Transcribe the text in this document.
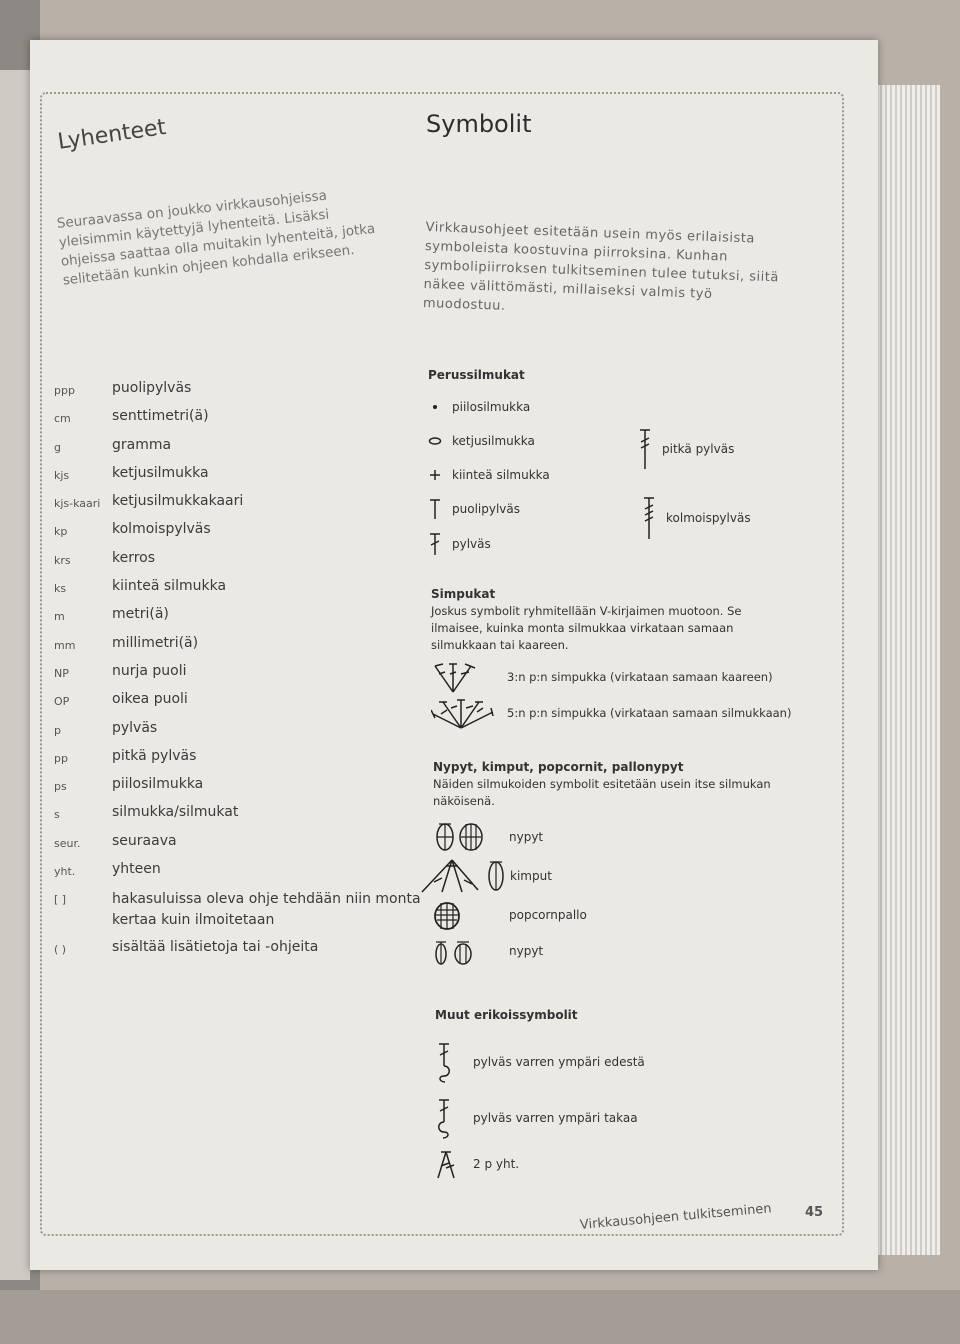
Lyhenteet	Symbolit
Seuraavassa on joukko virkkausohjeissa yleisimmin käytettyjä lyhenteitä. Lisäksi ohjeissa saattaa olla muitakin lyhenteitä, jotka selitetään kunkin ohjeen kohdalla erikseen.
Virkkausohjeet esitetään usein myös erilaisista symboleista koostuvina piirroksina. Kunhan symbolipiirroksen tulkitseminen tulee tutuksi, siitä näkee välittömästi, millaiseksi valmis työ muodostuu.
ppp	puolipylväs
cm	senttimetri(ä)
g	gramma
kjs	ketjusilmukka
kjs-kaari ketjusilmukkakaari
kp	kolmoispylväs
krs	kerros
ks	kiinteä silmukka
m	metri(ä)
mm	millimetri(ä)
NP	nurja puoli
OP	oikea puoli
p	pylväs
pp	pitkä pylväs
ps	piilosilmukka
s	silmukka/silmukat
seur.	seuraava
yht.	yhteen
[ ]	hakasuluissa oleva ohje tehdään niin monta kertaa kuin ilmoitetaan
( )	sisältää lisätietoja tai -ohjeita
Perussilmukat
piilosilmukka
ketjusilmukka
kiinteä silmukka
puolipylväs
pylväs
pitkä pylväs
kolmoispylväs
Simpukat
Joskus symbolit ryhmitellään V-kirjaimen muotoon. Se ilmaisee, kuinka monta silmukkaa virkataan samaan silmukkaan tai kaareen.
3:n p:n simpukka (virkataan samaan kaareen)
5:n p:n simpukka (virkataan samaan silmukkaan)
Nypyt, kimput, popcornit, pallonypyt
Näiden silmukoiden symbolit esitetään usein itse silmukan näköisenä.
nypyt
kimput
popcornpallo
nypyt
Muut erikoissymbolit
pylväs varren ympäri edestä
pylväs varren ympäri takaa
2 p yht.
Virkkausohjeen tulkitseminen	45
